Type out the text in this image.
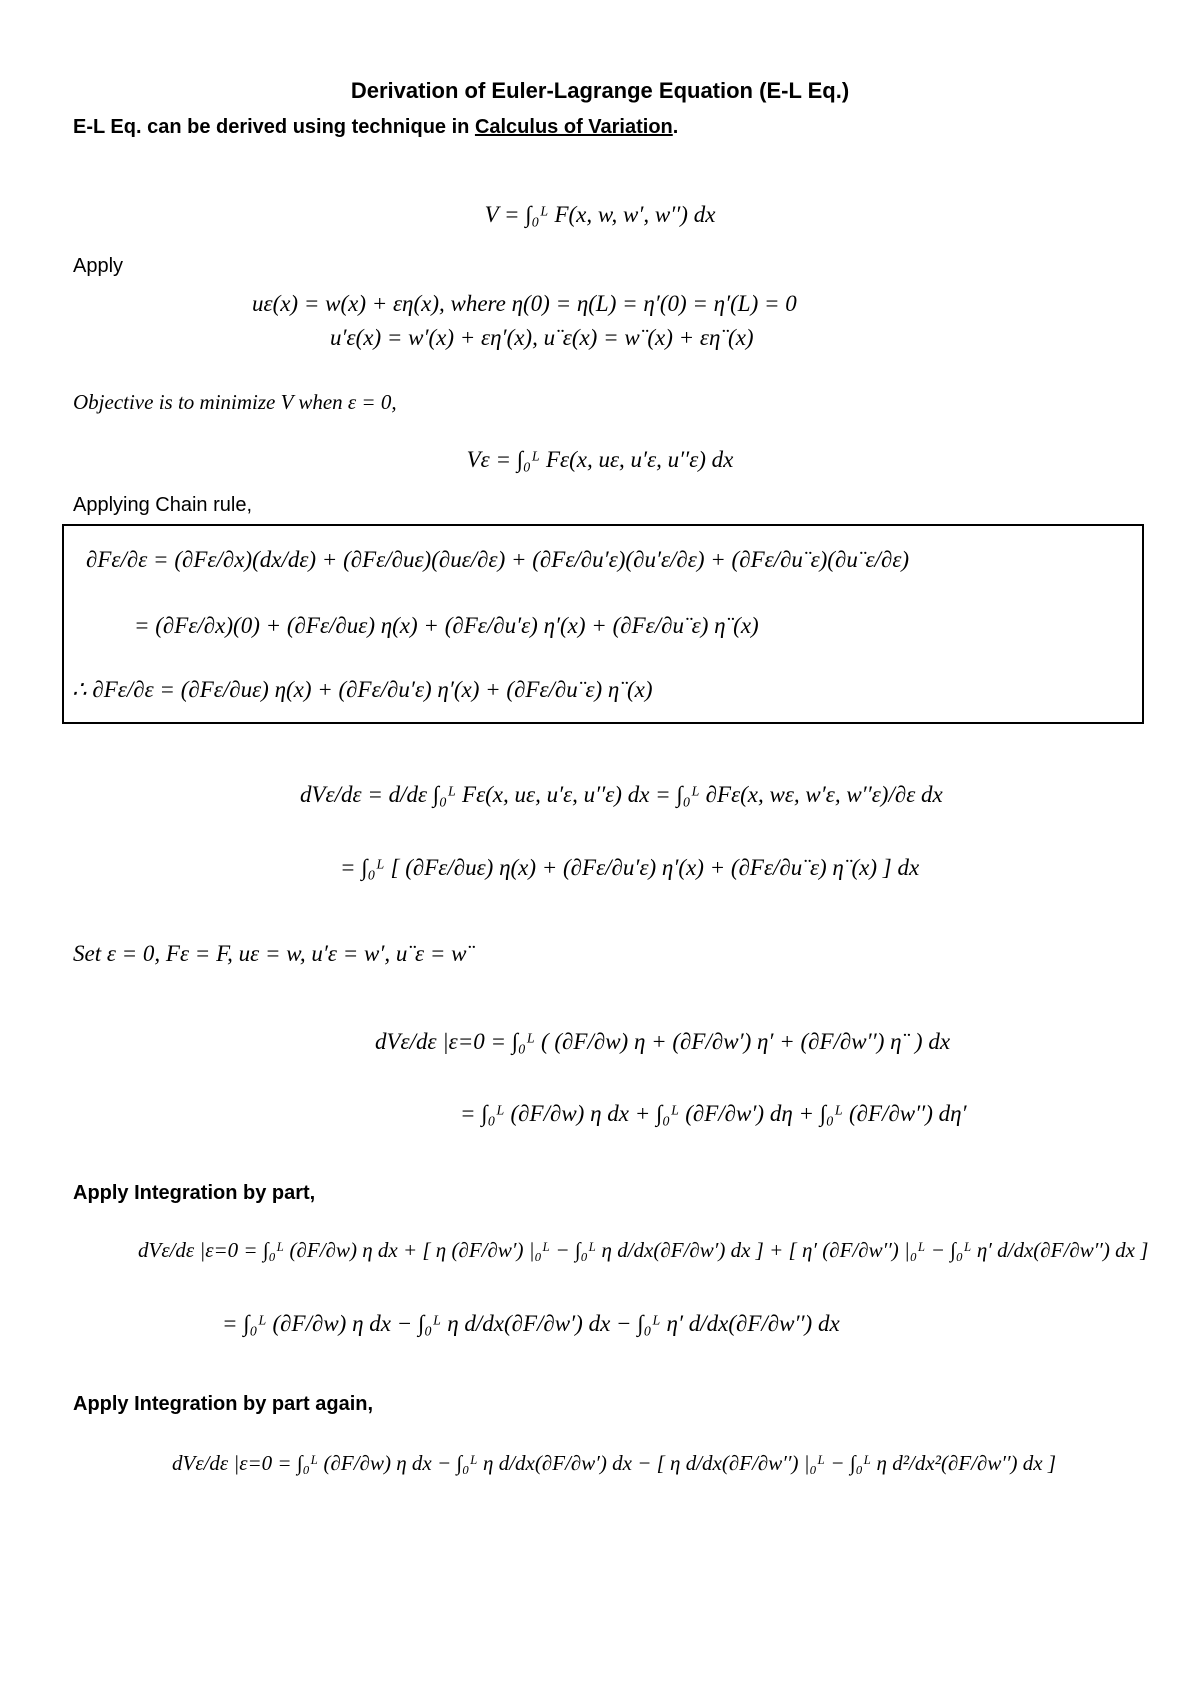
Derivation of Euler-Lagrange Equation (E-L Eq.)
E-L Eq. can be derived using technique in Calculus of Variation.
V = ∫₀ᴸ F(x, w, w′, w′′) dx
Apply
uε(x) = w(x) + εη(x), where η(0) = η(L) = η′(0) = η′(L) = 0
u′ε(x) = w′(x) + εη′(x), u¨ε(x) = w¨(x) + εη¨(x)
Objective is to minimize V when ε = 0,
Vε = ∫₀ᴸ Fε(x, uε, u′ε, u′′ε) dx
Applying Chain rule,
∂Fε/∂ε = (∂Fε/∂x)(dx/dε) + (∂Fε/∂uε)(∂uε/∂ε) + (∂Fε/∂u′ε)(∂u′ε/∂ε) + (∂Fε/∂u¨ε)(∂u¨ε/∂ε)
= (∂Fε/∂x)(0) + (∂Fε/∂uε) η(x) + (∂Fε/∂u′ε) η′(x) + (∂Fε/∂u¨ε) η¨(x)
∴ ∂Fε/∂ε = (∂Fε/∂uε) η(x) + (∂Fε/∂u′ε) η′(x) + (∂Fε/∂u¨ε) η¨(x)
dVε/dε = d/dε ∫₀ᴸ Fε(x, uε, u′ε, u′′ε) dx = ∫₀ᴸ ∂Fε(x, wε, w′ε, w′′ε)/∂ε dx
= ∫₀ᴸ [ (∂Fε/∂uε) η(x) + (∂Fε/∂u′ε) η′(x) + (∂Fε/∂u¨ε) η¨(x) ] dx
Set ε = 0, Fε = F, uε = w, u′ε = w′, u¨ε = w¨
dVε/dε |ε=0 = ∫₀ᴸ ( (∂F/∂w) η + (∂F/∂w′) η′ + (∂F/∂w′′) η¨ ) dx
= ∫₀ᴸ (∂F/∂w) η dx + ∫₀ᴸ (∂F/∂w′) dη + ∫₀ᴸ (∂F/∂w′′) dη′
Apply Integration by part,
dVε/dε |ε=0 = ∫₀ᴸ (∂F/∂w) η dx + [ η (∂F/∂w′) |₀ᴸ − ∫₀ᴸ η d/dx(∂F/∂w′) dx ] + [ η′ (∂F/∂w′′) |₀ᴸ − ∫₀ᴸ η′ d/dx(∂F/∂w′′) dx ]
= ∫₀ᴸ (∂F/∂w) η dx − ∫₀ᴸ η d/dx(∂F/∂w′) dx − ∫₀ᴸ η′ d/dx(∂F/∂w′′) dx
Apply Integration by part again,
dVε/dε |ε=0 = ∫₀ᴸ (∂F/∂w) η dx − ∫₀ᴸ η d/dx(∂F/∂w′) dx − [ η d/dx(∂F/∂w′′) |₀ᴸ − ∫₀ᴸ η d²/dx²(∂F/∂w′′) dx ]
